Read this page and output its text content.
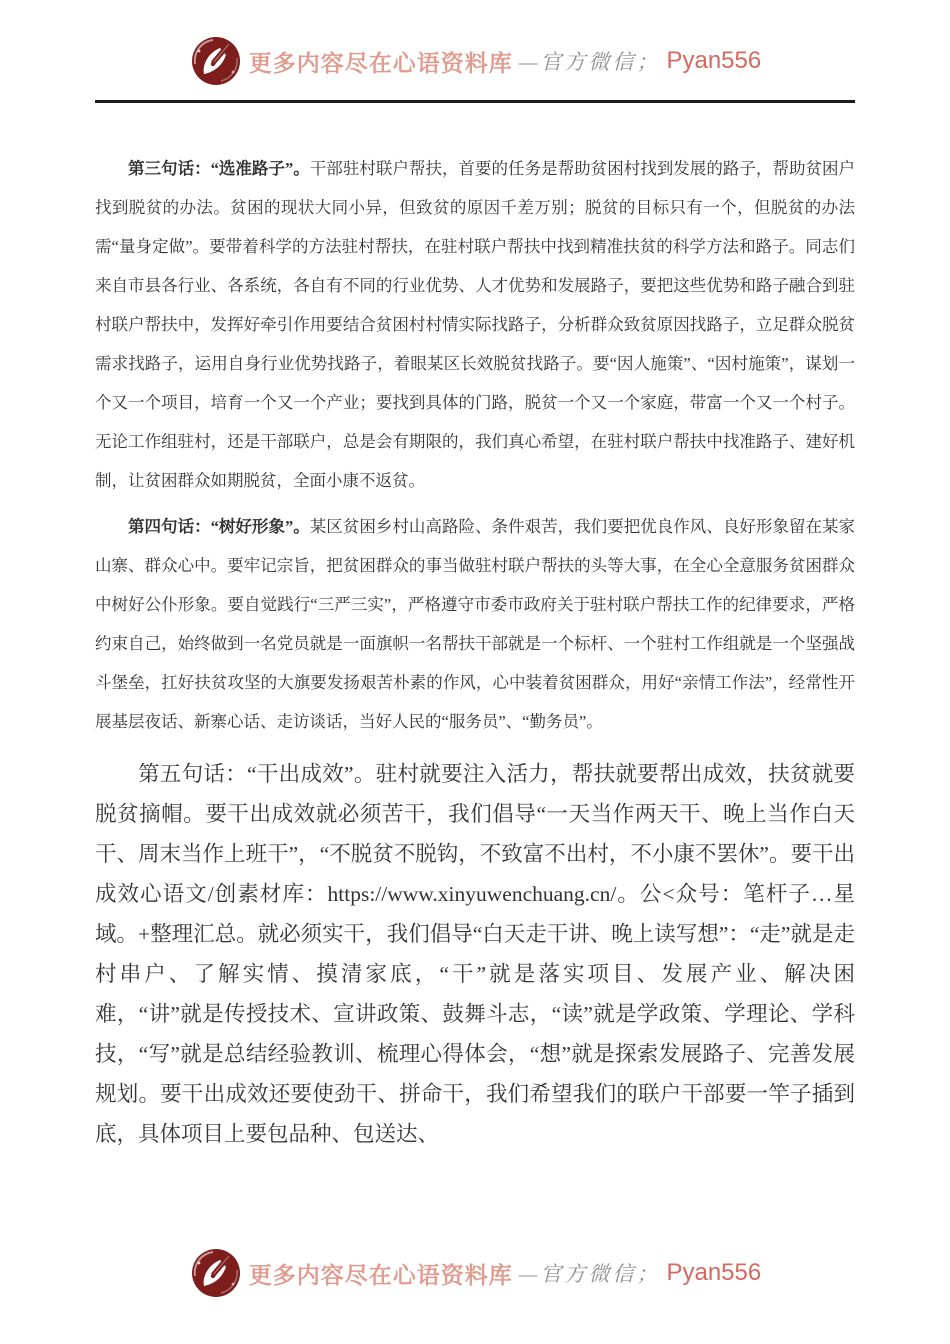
更多内容尽在心语资料库 —官方微信； Pyan556

第三句话：“选准路子”。干部驻村联户帮扶，首要的任务是帮助贫困村找到发展的路子，帮助贫困户找到脱贫的办法。贫困的现状大同小异，但致贫的原因千差万别；脱贫的目标只有一个，但脱贫的办法需“量身定做”。要带着科学的方法驻村帮扶，在驻村联户帮扶中找到精准扶贫的科学方法和路子。同志们来自市县各行业、各系统，各自有不同的行业优势、人才优势和发展路子，要把这些优势和路子融合到驻村联户帮扶中，发挥好牵引作用要结合贫困村村情实际找路子，分析群众致贫原因找路子，立足群众脱贫需求找路子，运用自身行业优势找路子，着眼某区长效脱贫找路子。要“因人施策”、“因村施策”，谋划一个又一个项目，培育一个又一个产业；要找到具体的门路，脱贫一个又一个家庭，带富一个又一个村子。无论工作组驻村，还是干部联户，总是会有期限的，我们真心希望，在驻村联户帮扶中找准路子、建好机制，让贫困群众如期脱贫，全面小康不返贫。

第四句话：“树好形象”。某区贫困乡村山高路险、条件艰苦，我们要把优良作风、良好形象留在某家山寨、群众心中。要牢记宗旨，把贫困群众的事当做驻村联户帮扶的头等大事，在全心全意服务贫困群众中树好公仆形象。要自觉践行“三严三实”，严格遵守市委市政府关于驻村联户帮扶工作的纪律要求，严格约束自己，始终做到一名党员就是一面旗帜一名帮扶干部就是一个标杆、一个驻村工作组就是一个坚强战斗堡垒，扛好扶贫攻坚的大旗要发扬艰苦朴素的作风，心中装着贫困群众，用好“亲情工作法”，经常性开展基层夜话、新寨心话、走访谈话，当好人民的“服务员”、“勤务员”。

第五句话：“干出成效”。驻村就要注入活力，帮扶就要帮出成效，扶贫就要脱贫摘帽。要干出成效就必须苦干，我们倡导“一天当作两天干、晚上当作白天干、周末当作上班干”，“不脱贫不脱钩，不致富不出村，不小康不罢休”。要干出成效心语文/创素材库：https://www.xinyuwenchuang.cn/。公<众号：笔杆子…星域。+整理汇总。就必须实干，我们倡导“白天走干讲、晚上读写想”：“走”就是走村串户、了解实情、摸清家底，“干”就是落实项目、发展产业、解决困难，“讲”就是传授技术、宣讲政策、鼓舞斗志，“读”就是学政策、学理论、学科技，“写”就是总结经验教训、梳理心得体会，“想”就是探索发展路子、完善发展规划。要干出成效还要使劲干、拼命干，我们希望我们的联户干部要一竿子插到底，具体项目上要包品种、包送达、

更多内容尽在心语资料库 —官方微信； Pyan556
